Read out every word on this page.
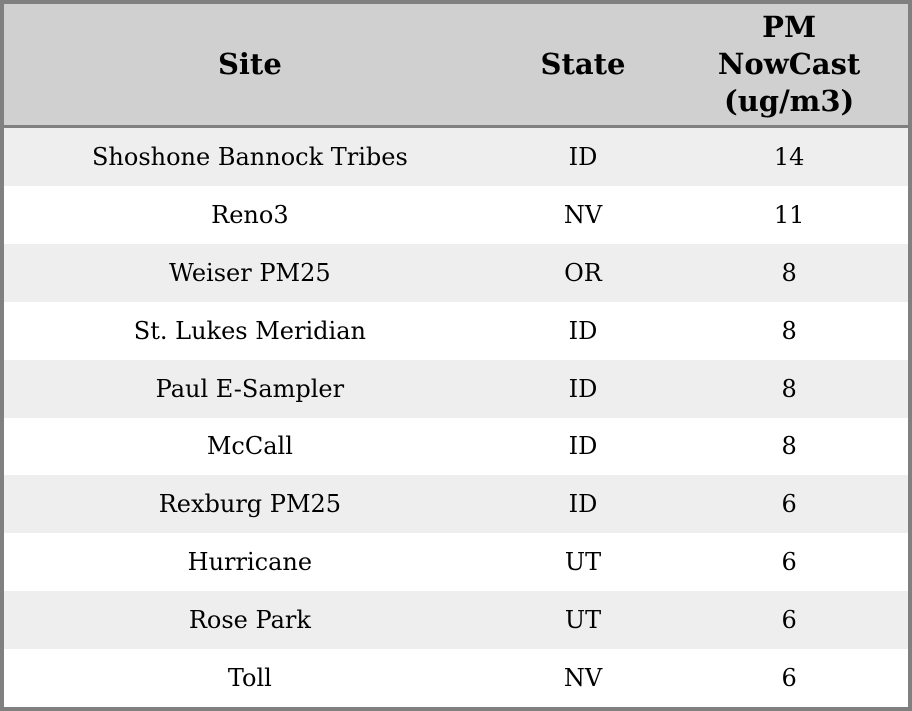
Site	State	PM NowCast (ug/m3)
Shoshone Bannock Tribes	ID	14
Reno3	NV	11
Weiser PM25	OR	8
St. Lukes Meridian	ID	8
Paul E-Sampler	ID	8
McCall	ID	8
Rexburg PM25	ID	6
Hurricane	UT	6
Rose Park	UT	6
Toll	NV	6
